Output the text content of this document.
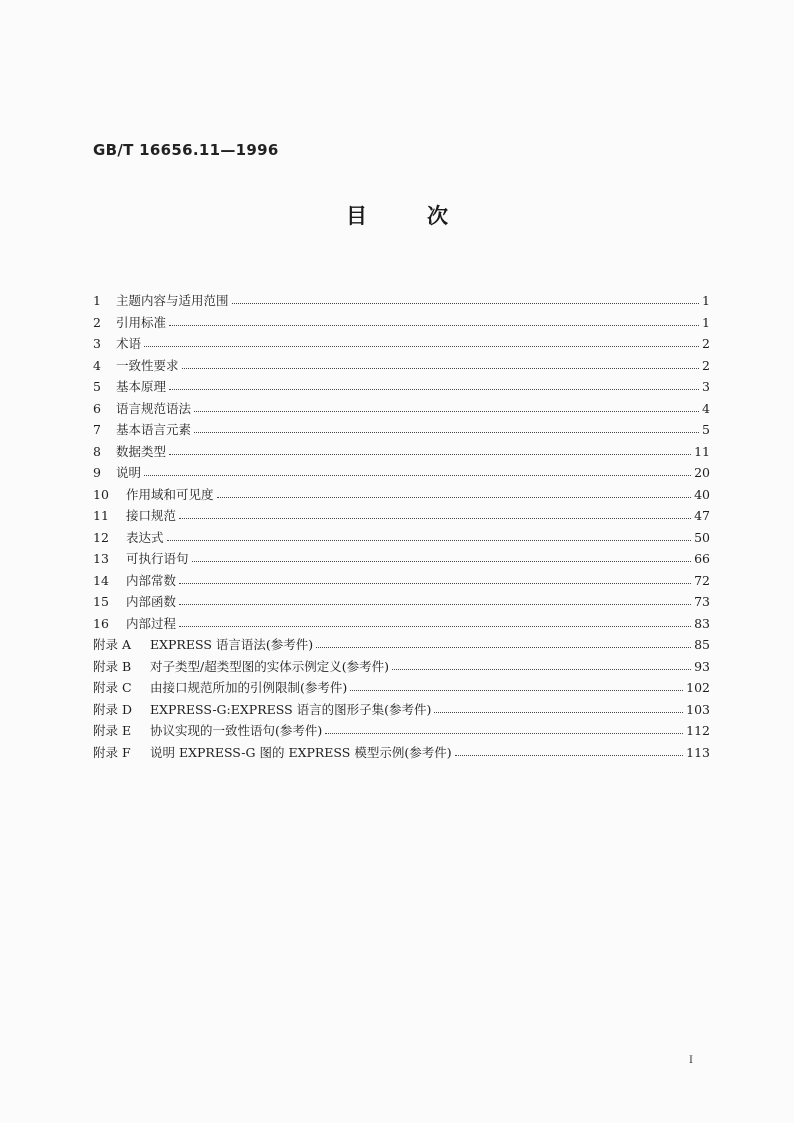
GB/T 16656.11—1996
目次
1	主题内容与适用范围	1
2	引用标准	1
3	术语	2
4	一致性要求	2
5	基本原理	3
6	语言规范语法	4
7	基本语言元素	5
8	数据类型	11
9	说明	20
10	作用域和可见度	40
11	接口规范	47
12	表达式	50
13	可执行语句	66
14	内部常数	72
15	内部函数	73
16	内部过程	83
附录 A	EXPRESS 语言语法(参考件)	85
附录 B	对子类型/超类型图的实体示例定义(参考件)	93
附录 C	由接口规范所加的引例限制(参考件)	102
附录 D	EXPRESS-G:EXPRESS 语言的图形子集(参考件)	103
附录 E	协议实现的一致性语句(参考件)	112
附录 F	说明 EXPRESS-G 图的 EXPRESS 模型示例(参考件)	113
I
